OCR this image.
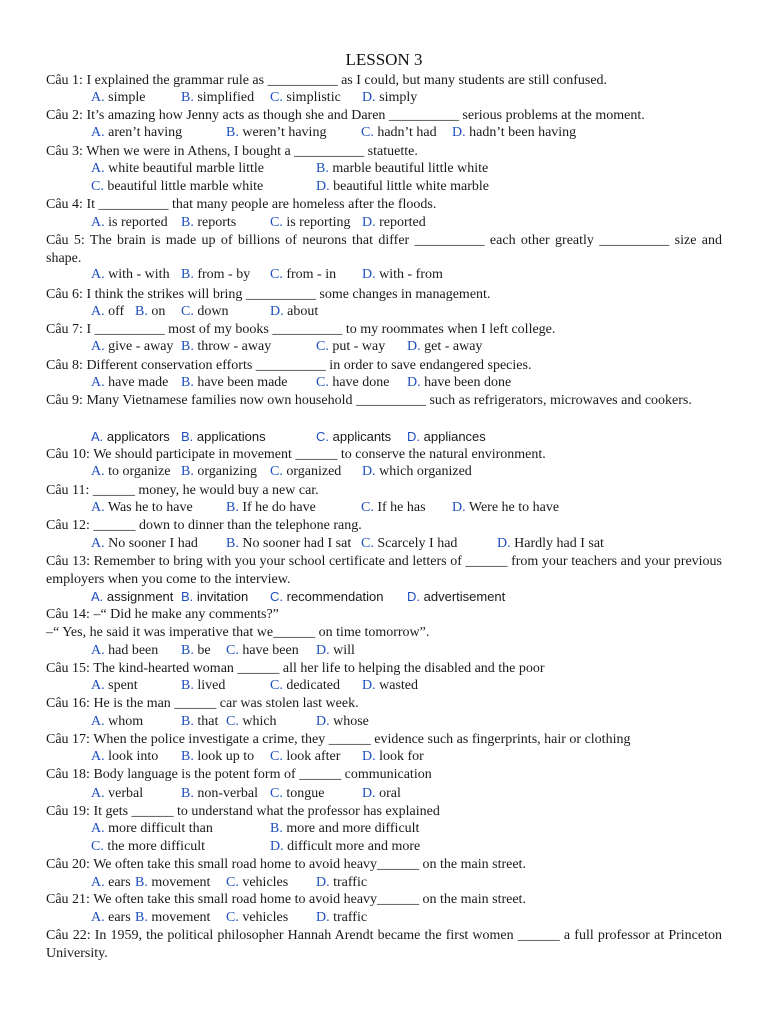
LESSON 3
Câu 1: I explained the grammar rule as __________ as I could, but many students are still confused.
A. simple	B. simplified C. simplistic D. simply
Câu 2: It’s amazing how Jenny acts as though she and Daren __________ serious problems at the moment.
A. aren’t having	B. weren’t having C. hadn’t had D. hadn’t been having
Câu 3: When we were in Athens, I bought a __________ statuette.
A. white beautiful marble little	B. marble beautiful little white
C. beautiful little marble white	D. beautiful little white marble
Câu 4: It __________ that many people are homeless after the floods.
A. is reported B. reports C. is reporting D. reported
Câu 5: The brain is made up of billions of neurons that differ __________ each other greatly __________ size and shape.
A. with - with B. from - by C. from - in D. with - from
Câu 6: I think the strikes will bring __________ some changes in management.
A. off B. on C. down	D. about
Câu 7: I __________ most of my books __________ to my roommates when I left college.
A. give - away B. throw - away	C. put - way D. get - away
Câu 8: Different conservation efforts __________ in order to save endangered species.
A. have made B. have been made C. have done D. have been done
Câu 9: Many Vietnamese families now own household __________ such as refrigerators, microwaves and cookers.
A. applicators B. applications	C. applicants D. appliances
Câu 10: We should participate in movement ______ to conserve the natural environment.
A. to organize B. organizing C. organized D. which organized
Câu 11: ______ money, he would buy a new car.
A. Was he to have B. If he do have	C. If he has D. Were he to have
Câu 12: ______ down to dinner than the telephone rang.
A. No sooner I had B. No sooner had I sat C. Scarcely I had	D. Hardly had I sat
Câu 13: Remember to bring with you your school certificate and letters of ______ from your teachers and your previous employers when you come to the interview.
A. assignment B. invitation C. recommendation D. advertisement
Câu 14: –“ Did he make any comments?”
–“ Yes, he said it was imperative that we______ on time tomorrow”.
A. had been B. be C. have been D. will
Câu 15: The kind-hearted woman ______ all her life to helping the disabled and the poor
A. spent	B. lived	C. dedicated D. wasted
Câu 16: He is the man ______ car was stolen last week.
A. whom	B. that C. which	D. whose
Câu 17: When the police investigate a crime, they ______ evidence such as fingerprints, hair or clothing
A. look into B. look up to C. look after D. look for
Câu 18: Body language is the potent form of ______ communication
A. verbal	B. non-verbal C. tongue	D. oral
Câu 19: It gets ______ to understand what the professor has explained
A. more difficult than	B. more and more difficult
C. the more difficult	D. difficult more and more
Câu 20: We often take this small road home to avoid heavy______ on the main street.
A. ears B. movement C. vehicles D. traffic
Câu 21: We often take this small road home to avoid heavy______ on the main street.
A. ears B. movement C. vehicles D. traffic
Câu 22: In 1959, the political philosopher Hannah Arendt became the first women ______ a full professor at Princeton University.
